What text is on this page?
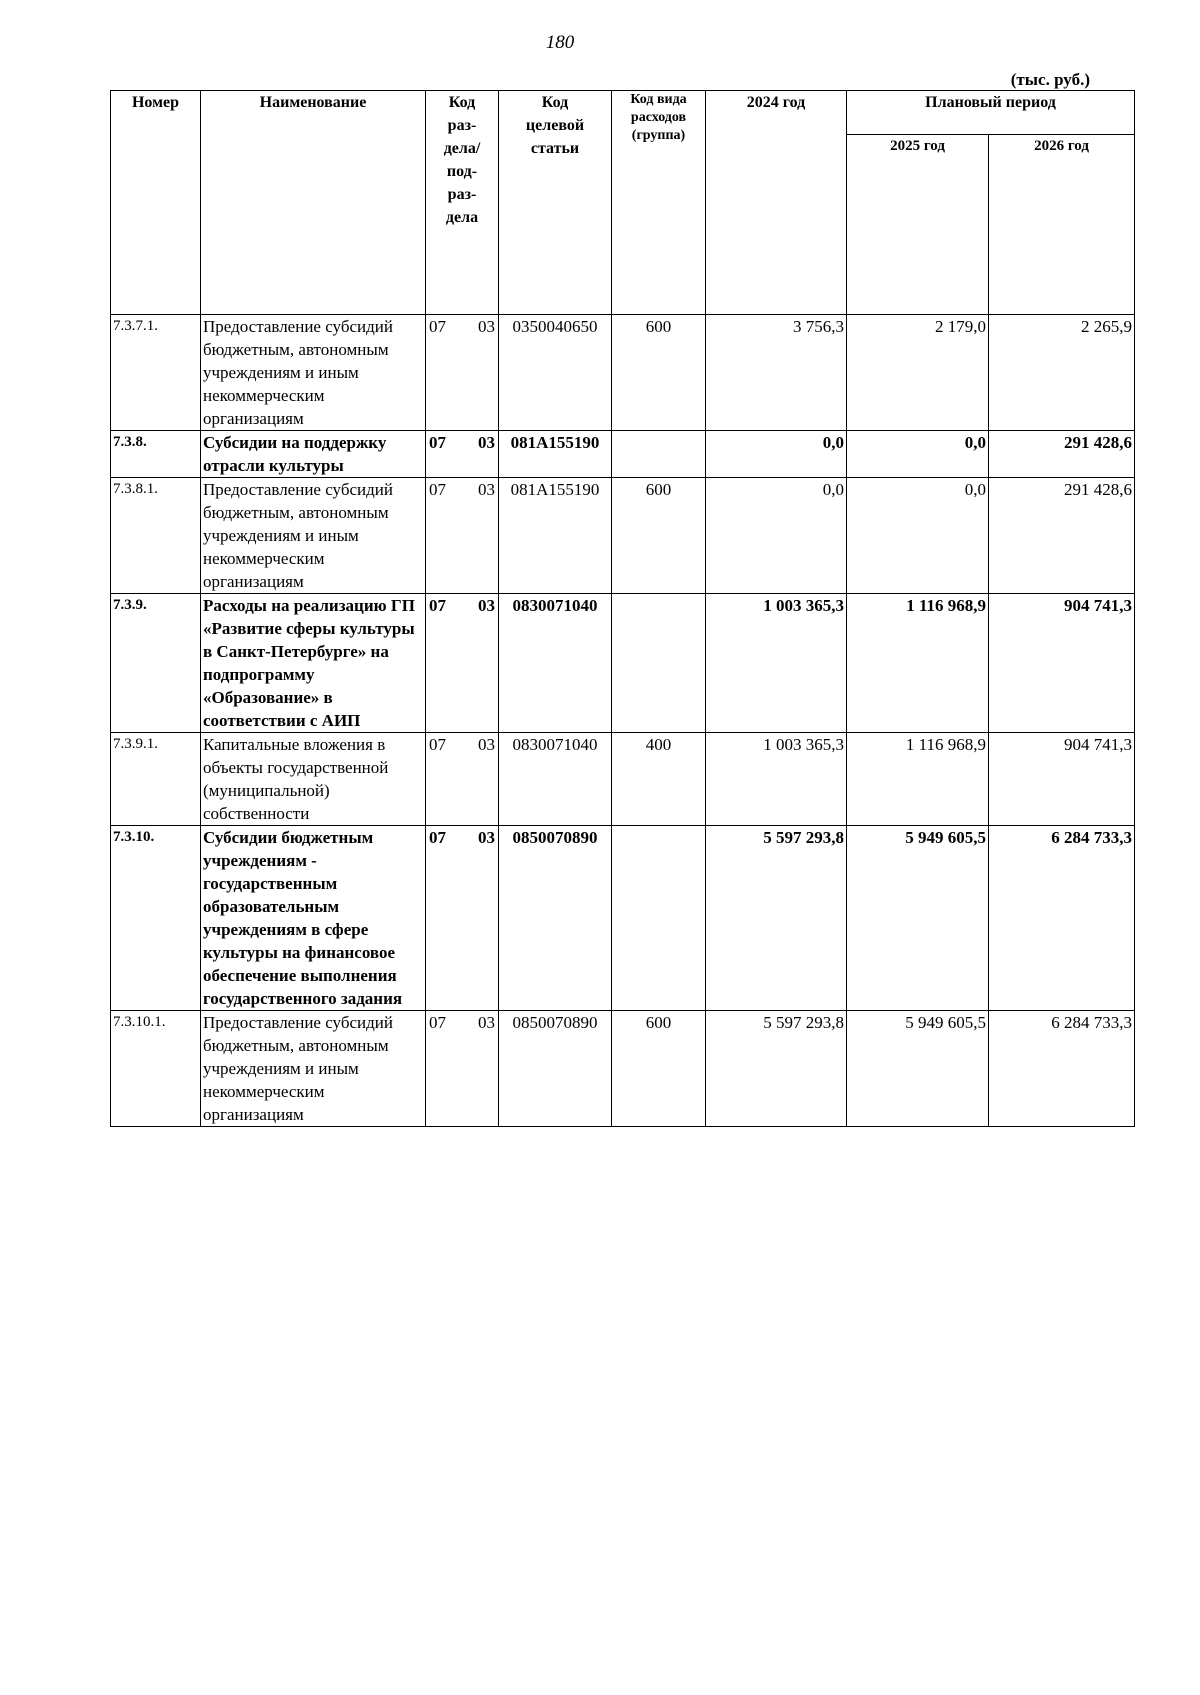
180
(тыс. руб.)
Номер	Наименование	Код раз-дела/ под-раз-дела	Код целевой статьи	Код вида расходов (группа)	2024 год	Плановый период	
						2025 год	2026 год
7.3.7.1.	Предоставление субсидий бюджетным, автономным учреждениям и иным некоммерческим организациям	07 03	0350040650	600	3 756,3	2 179,0	2 265,9
7.3.8.	Субсидии на поддержку отрасли культуры	07 03	081А155190		0,0	0,0	291 428,6
7.3.8.1.	Предоставление субсидий бюджетным, автономным учреждениям и иным некоммерческим организациям	07 03	081А155190	600	0,0	0,0	291 428,6
7.3.9.	Расходы на реализацию ГП «Развитие сферы культуры в Санкт-Петербурге» на подпрограмму «Образование» в соответствии с АИП	07 03	0830071040		1 003 365,3	1 116 968,9	904 741,3
7.3.9.1.	Капитальные вложения в объекты государственной (муниципальной) собственности	07 03	0830071040	400	1 003 365,3	1 116 968,9	904 741,3
7.3.10.	Субсидии бюджетным учреждениям - государственным образовательным учреждениям в сфере культуры на финансовое обеспечение выполнения государственного задания	07 03	0850070890		5 597 293,8	5 949 605,5	6 284 733,3
7.3.10.1.	Предоставление субсидий бюджетным, автономным учреждениям и иным некоммерческим организациям	07 03	0850070890	600	5 597 293,8	5 949 605,5	6 284 733,3
